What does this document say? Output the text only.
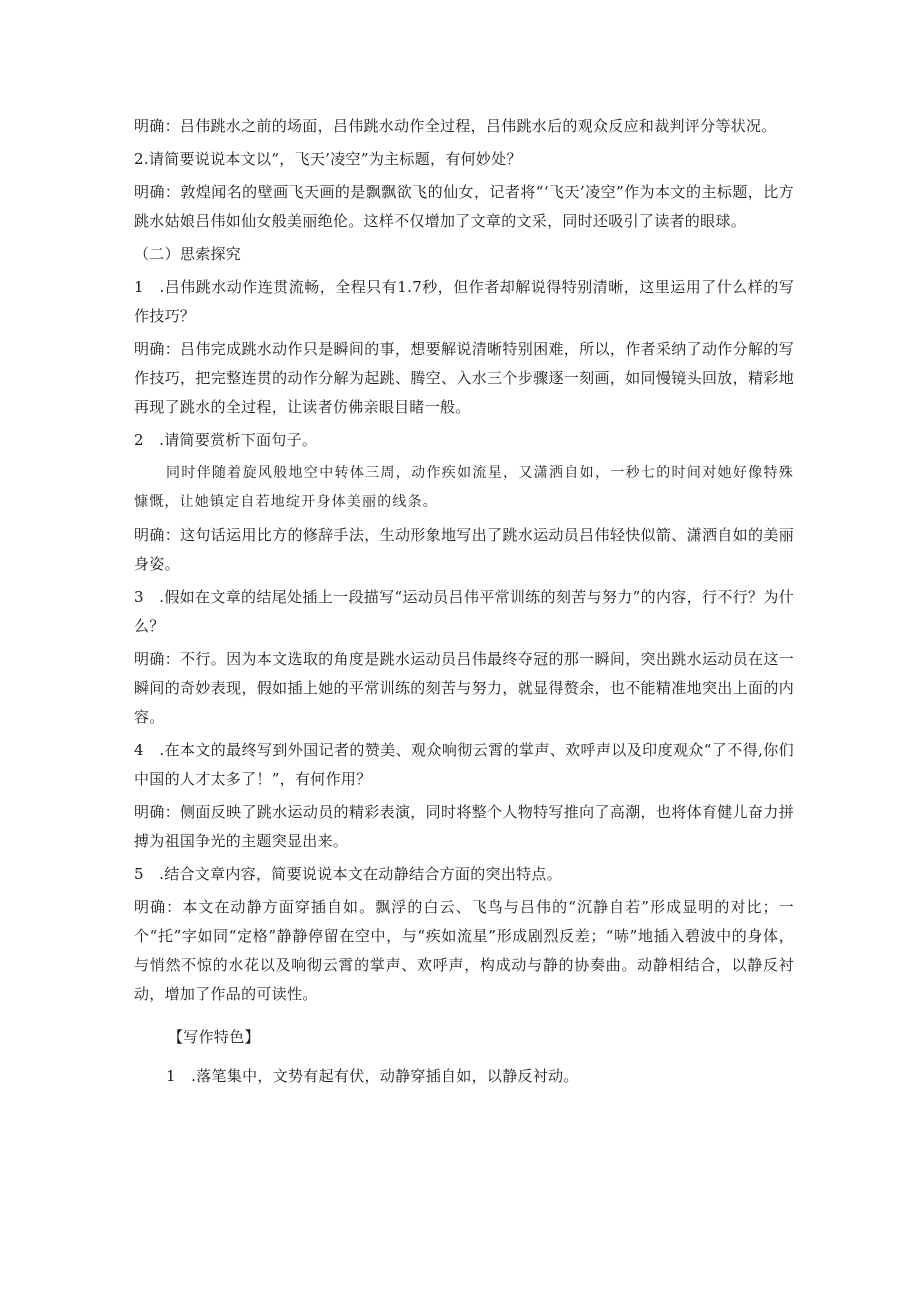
明确：吕伟跳水之前的场面，吕伟跳水动作全过程，吕伟跳水后的观众反应和裁判评分等状况。

2.请简要说说本文以“，飞天’凌空”为主标题，有何妙处？

明确：敦煌闻名的壁画飞天画的是飘飘欲飞的仙女，记者将“‘飞天’凌空”作为本文的主标题，比方跳水姑娘吕伟如仙女般美丽绝伦。这样不仅增加了文章的文采，同时还吸引了读者的眼球。

（二）思索探究

1　.吕伟跳水动作连贯流畅，全程只有1.7秒，但作者却解说得特别清晰，这里运用了什么样的写作技巧？

明确：吕伟完成跳水动作只是瞬间的事，想要解说清晰特别困难，所以，作者采纳了动作分解的写作技巧，把完整连贯的动作分解为起跳、腾空、入水三个步骤逐一刻画，如同慢镜头回放，精彩地再现了跳水的全过程，让读者仿佛亲眼目睹一般。

2　.请简要赏析下面句子。

同时伴随着旋风般地空中转体三周，动作疾如流星，又潇洒自如，一秒七的时间对她好像特殊慷慨，让她镇定自若地绽开身体美丽的线条。

明确：这句话运用比方的修辞手法，生动形象地写出了跳水运动员吕伟轻快似箭、潇洒自如的美丽身姿。

3　.假如在文章的结尾处插上一段描写“运动员吕伟平常训练的刻苦与努力”的内容，行不行？为什么？

明确：不行。因为本文选取的角度是跳水运动员吕伟最终夺冠的那一瞬间，突出跳水运动员在这一瞬间的奇妙表现，假如插上她的平常训练的刻苦与努力，就显得赘余，也不能精准地突出上面的内容。

4　.在本文的最终写到外国记者的赞美、观众响彻云霄的掌声、欢呼声以及印度观众“了不得,你们中国的人才太多了！”，有何作用？

明确：侧面反映了跳水运动员的精彩表演，同时将整个人物特写推向了高潮，也将体育健儿奋力拼搏为祖国争光的主题突显出来。

5　.结合文章内容，简要说说本文在动静结合方面的突出特点。

明确：本文在动静方面穿插自如。飘浮的白云、飞鸟与吕伟的“沉静自若”形成显明的对比；一个“托”字如同“定格”静静停留在空中，与“疾如流星”形成剧烈反差；“哧”地插入碧波中的身体，与悄然不惊的水花以及响彻云霄的掌声、欢呼声，构成动与静的协奏曲。动静相结合，以静反衬动，增加了作品的可读性。

【写作特色】

1　.落笔集中，文势有起有伏，动静穿插自如，以静反衬动。
